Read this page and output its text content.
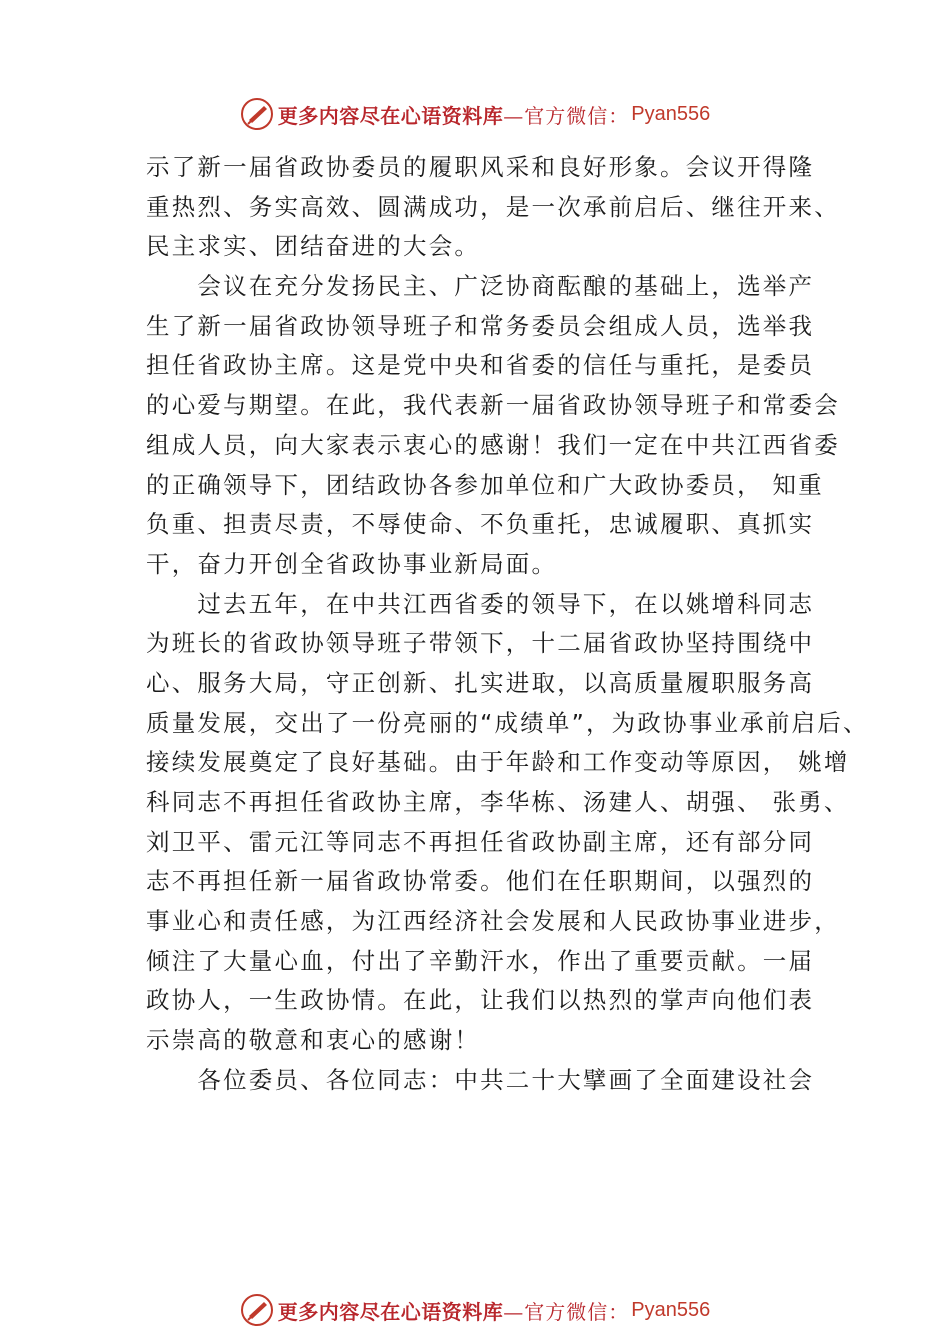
更多内容尽在心语资料库 —官方微信： Pyan556
示了新一届省政协委员的履职风采和良好形象。会议开得隆
重热烈、务实高效、圆满成功，是一次承前启后、继往开来、
民主求实、团结奋进的大会。
　　会议在充分发扬民主、广泛协商酝酿的基础上，选举产
生了新一届省政协领导班子和常务委员会组成人员，选举我
担任省政协主席。这是党中央和省委的信任与重托，是委员
的心爱与期望。在此，我代表新一届省政协领导班子和常委会
组成人员，向大家表示衷心的感谢！我们一定在中共江西省委
的正确领导下，团结政协各参加单位和广大政协委员， 知重
负重、担责尽责，不辱使命、不负重托，忠诚履职、真抓实
干，奋力开创全省政协事业新局面。
　　过去五年，在中共江西省委的领导下，在以姚增科同志
为班长的省政协领导班子带领下，十二届省政协坚持围绕中
心、服务大局，守正创新、扎实进取，以高质量履职服务高
质量发展，交出了一份亮丽的“成绩单”，为政协事业承前启后、
接续发展奠定了良好基础。由于年龄和工作变动等原因， 姚增
科同志不再担任省政协主席，李华栋、汤建人、胡强、 张勇、
刘卫平、雷元江等同志不再担任省政协副主席，还有部分同
志不再担任新一届省政协常委。他们在任职期间，以强烈的
事业心和责任感，为江西经济社会发展和人民政协事业进步，
倾注了大量心血，付出了辛勤汗水，作出了重要贡献。一届
政协人，一生政协情。在此，让我们以热烈的掌声向他们表
示崇高的敬意和衷心的感谢！
　　各位委员、各位同志：中共二十大擘画了全面建设社会
更多内容尽在心语资料库 —官方微信： Pyan556
